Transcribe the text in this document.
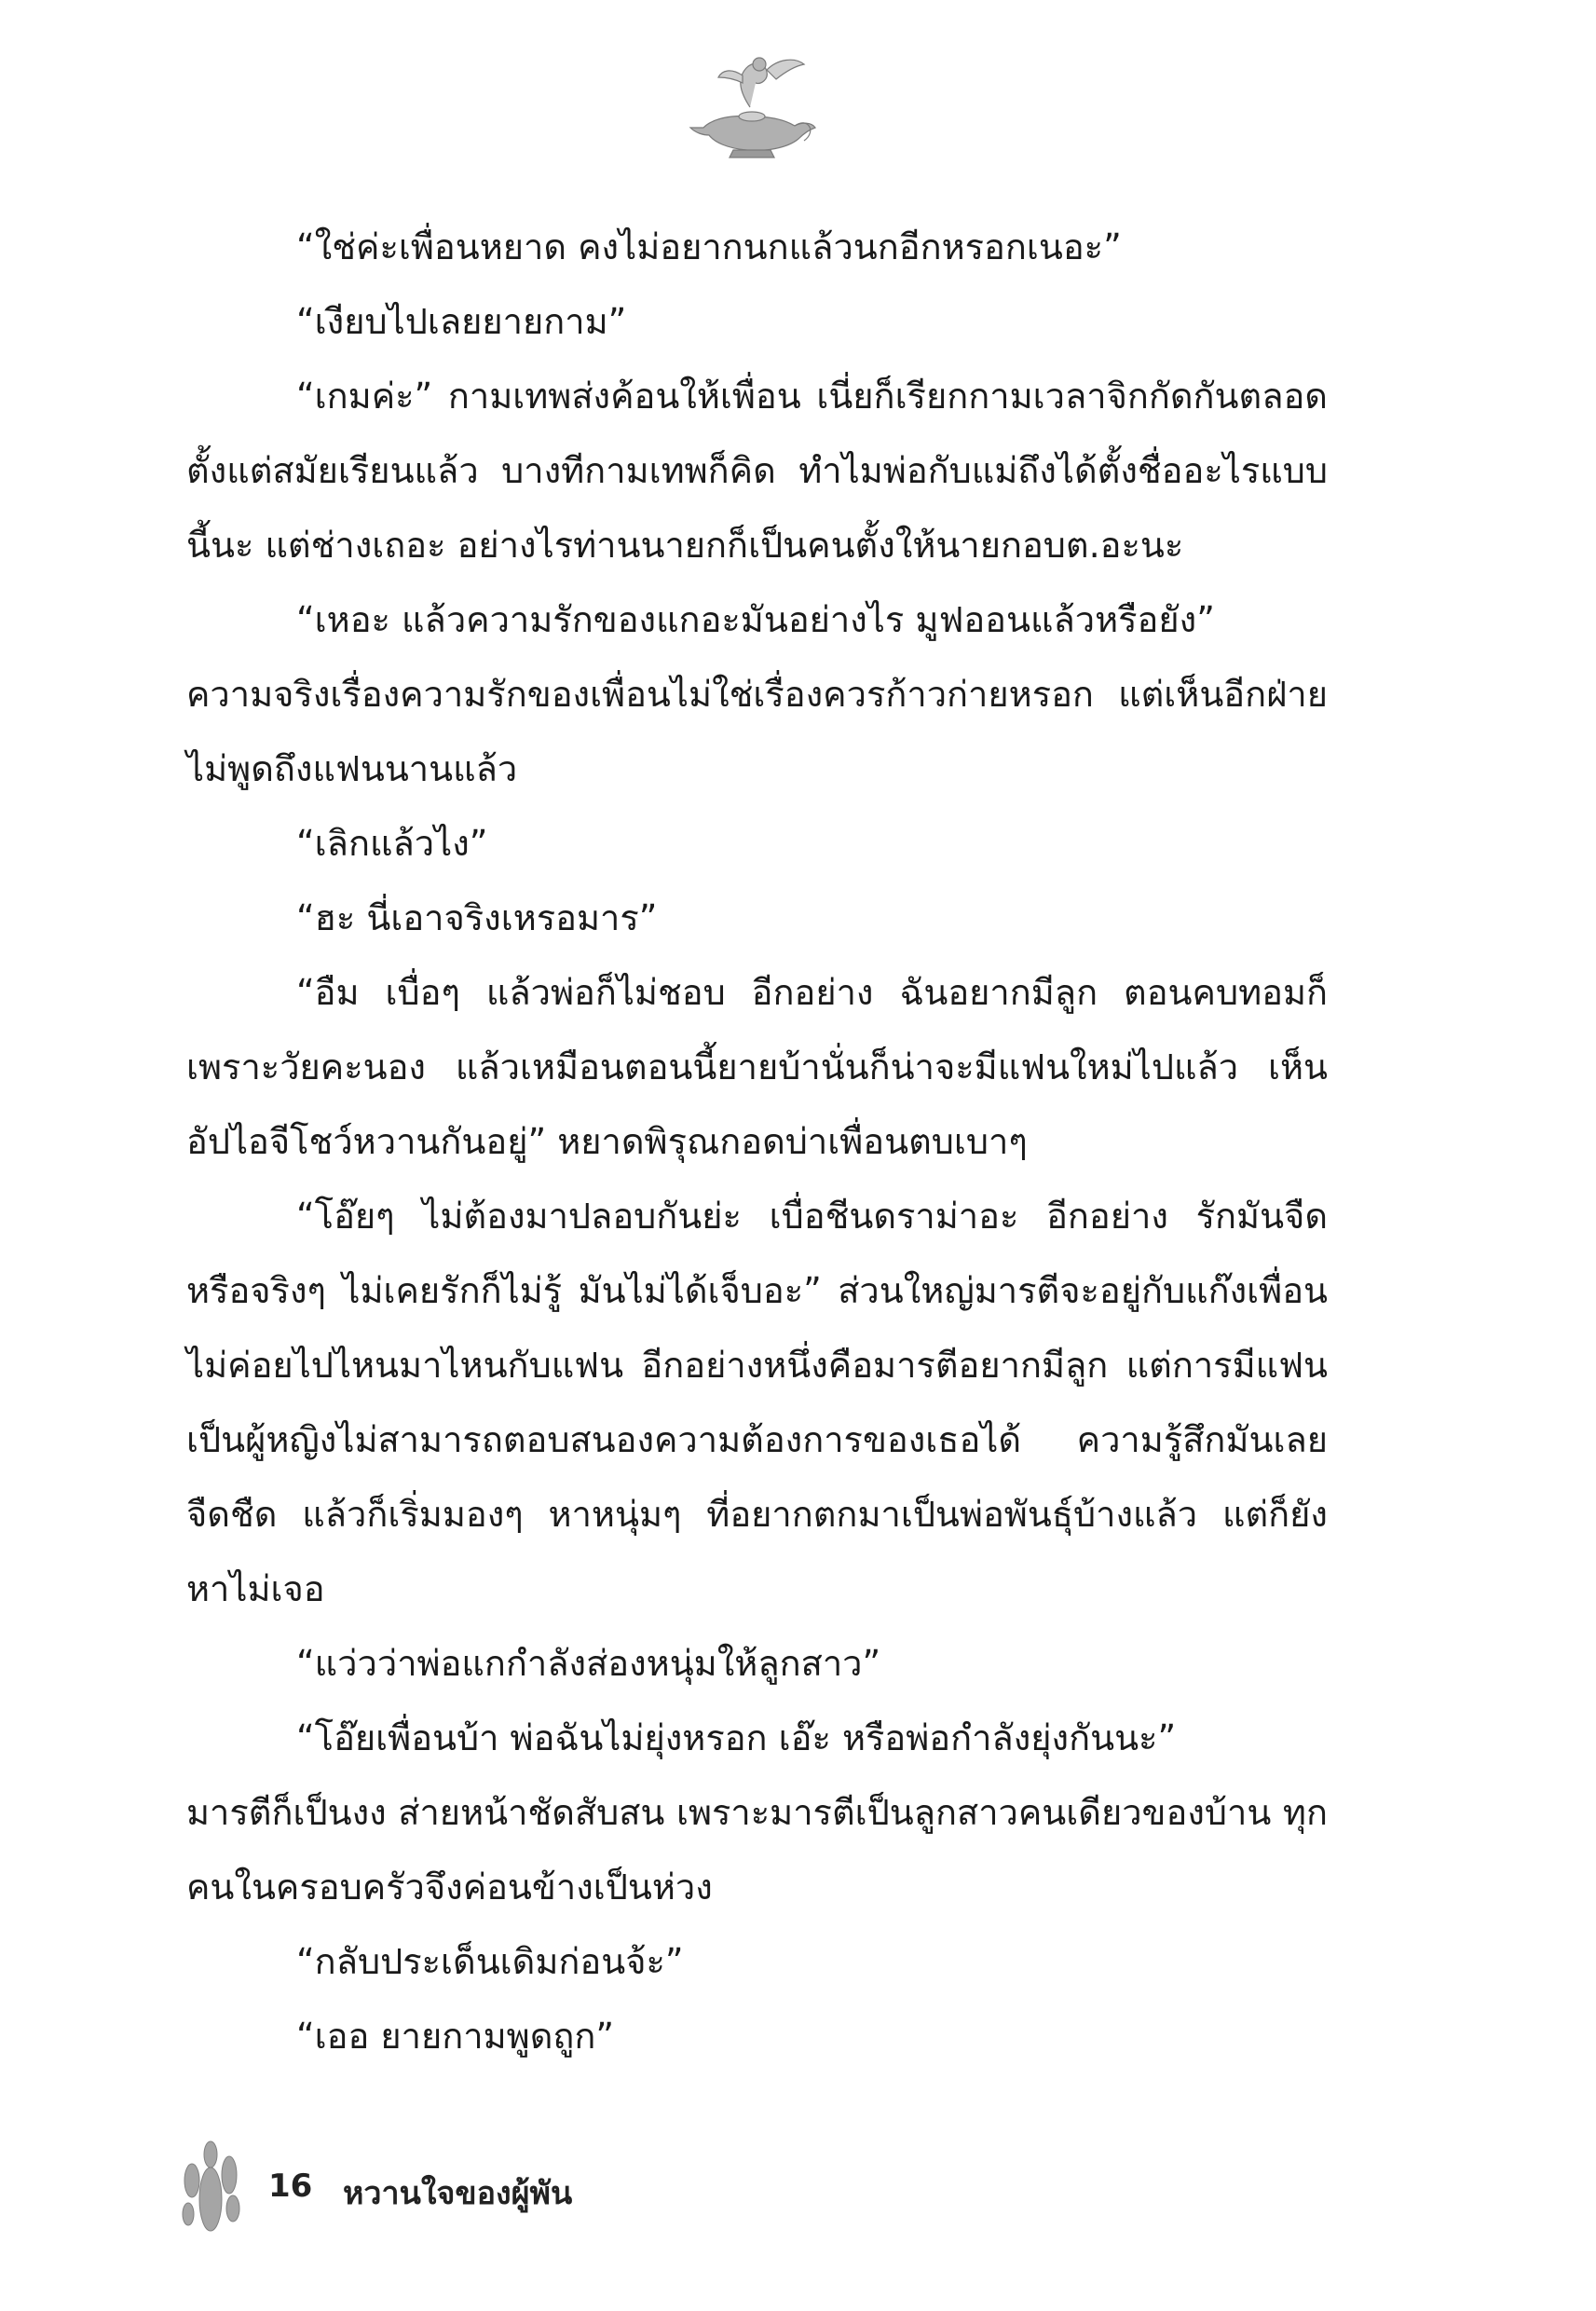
“ใช่ค่ะเพื่อนหยาด คงไม่อยากนกแล้วนกอีกหรอกเนอะ”

“เงียบไปเลยยายกาม”

“เกมค่ะ” กามเทพส่งค้อนให้เพื่อน เนี่ยก็เรียกกามเวลาจิกกัดกันตลอดตั้งแต่สมัยเรียนแล้ว บางทีกามเทพก็คิด ทำไมพ่อกับแม่ถึงได้ตั้งชื่ออะไรแบบนี้นะ แต่ช่างเถอะ อย่างไรท่านนายกก็เป็นคนตั้งให้นายกอบต.อะนะ

“เหอะ แล้วความรักของแกอะมันอย่างไร มูฟออนแล้วหรือยัง”

ความจริงเรื่องความรักของเพื่อนไม่ใช่เรื่องควรก้าวก่ายหรอก แต่เห็นอีกฝ่ายไม่พูดถึงแฟนนานแล้ว

“เลิกแล้วไง”

“ฮะ นี่เอาจริงเหรอมาร”

“อืม เบื่อๆ แล้วพ่อก็ไม่ชอบ อีกอย่าง ฉันอยากมีลูก ตอนคบทอมก็เพราะวัยคะนอง แล้วเหมือนตอนนี้ยายบ้านั่นก็น่าจะมีแฟนใหม่ไปแล้ว เห็นอัปไอจีโชว์หวานกันอยู่” หยาดพิรุณกอดบ่าเพื่อนตบเบาๆ

“โอ๊ยๆ ไม่ต้องมาปลอบกันย่ะ เบื่อชีนดราม่าอะ อีกอย่าง รักมันจืด หรือจริงๆ ไม่เคยรักก็ไม่รู้ มันไม่ได้เจ็บอะ” ส่วนใหญ่มารตีจะอยู่กับแก๊งเพื่อน ไม่ค่อยไปไหนมาไหนกับแฟน อีกอย่างหนึ่งคือมารตีอยากมีลูก แต่การมีแฟนเป็นผู้หญิงไม่สามารถตอบสนองความต้องการของเธอได้ ความรู้สึกมันเลยจืดชืด แล้วก็เริ่มมองๆ หาหนุ่มๆ ที่อยากตกมาเป็นพ่อพันธุ์บ้างแล้ว แต่ก็ยังหาไม่เจอ

“แว่วว่าพ่อแกกำลังส่องหนุ่มให้ลูกสาว”

“โอ๊ยเพื่อนบ้า พ่อฉันไม่ยุ่งหรอก เอ๊ะ หรือพ่อกำลังยุ่งกันนะ”

มารตีก็เป็นงง ส่ายหน้าชัดสับสน เพราะมารตีเป็นลูกสาวคนเดียวของบ้าน ทุกคนในครอบครัวจึงค่อนข้างเป็นห่วง

“กลับประเด็นเดิมก่อนจ้ะ”

“เออ ยายกามพูดถูก”

16 หวานใจของผู้พัน
